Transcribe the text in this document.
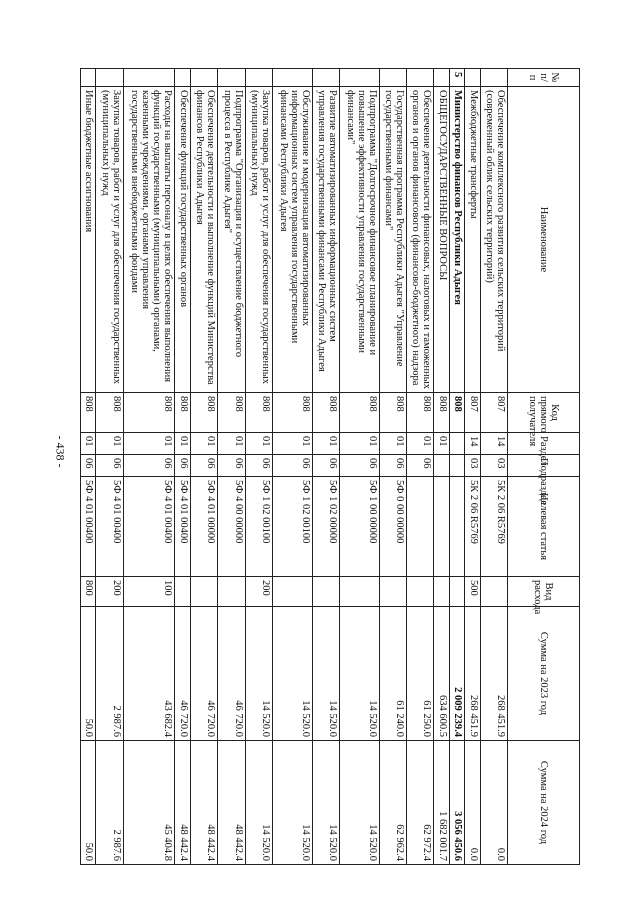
- 438 -
№ п/п	Наименование	Код прямого получателя	Раздел	Подраздел	Целевая статья	Вид расхода	Сумма на 2023 год	Сумма на 2024 год
	Обеспечение комплексного развития сельских территорий (современный облик сельских территорий)	807	14	03	5К 2 06 R5769		268 451.9	0.0
	Межбюджетные трансферты	807	14	03	5К 2 06 R5769	500	268 451.9	0.0
5	Министерство финансов Республики Адыгея	808					2 009 239.4	3 056 450.6
	ОБЩЕГОСУДАРСТВЕННЫЕ ВОПРОСЫ	808	01				634 600.5	1 682 001.7
	Обеспечение деятельности финансовых, налоговых и таможенных органов и органов финансового (финансово-бюджетного) надзора	808	01	06			61 250.0	62 972.4
	Государственная программа Республики Адыгея "Управление государственными финансами"	808	01	06	5Ф 0 00 00000		61 240.0	62 962.4
	Подпрограмма "Долгосрочное финансовое планирование и повышение эффективности управления государственными финансами"	808	01	06	5Ф 1 00 00000		14 520.0	14 520.0
	Развитие автоматизированных информационных систем управления государственными финансами Республики Адыгея	808	01	06	5Ф 1 02 00000		14 520.0	14 520.0
	Обслуживание и модернизация автоматизированных информационных систем управления государственными финансами Республики Адыгея	808	01	06	5Ф 1 02 00100		14 520.0	14 520.0
	Закупка товаров, работ и услуг для обеспечения государственных (муниципальных) нужд	808	01	06	5Ф 1 02 00100	200	14 520.0	14 520.0
	Подпрограмма "Организация и осуществление бюджетного процесса в Республике Адыгея"	808	01	06	5Ф 4 00 00000		46 720.0	48 442.4
	Обеспечение деятельности и выполнение функций Министерства финансов Республики Адыгея	808	01	06	5Ф 4 01 00000		46 720.0	48 442.4
	Обеспечение функций государственных органов	808	01	06	5Ф 4 01 00400		46 720.0	48 442.4
	Расходы на выплаты персоналу в целях обеспечения выполнения функций государственными (муниципальными) органами, казенными учреждениями, органами управления государственными внебюджетными фондами	808	01	06	5Ф 4 01 00400	100	43 682.4	45 404.8
	Закупка товаров, работ и услуг для обеспечения государственных (муниципальных) нужд	808	01	06	5Ф 4 01 00400	200	2 987.6	2 987.6
	Иные бюджетные ассигнования	808	01	06	5Ф 4 01 00400	800	50.0	50.0
